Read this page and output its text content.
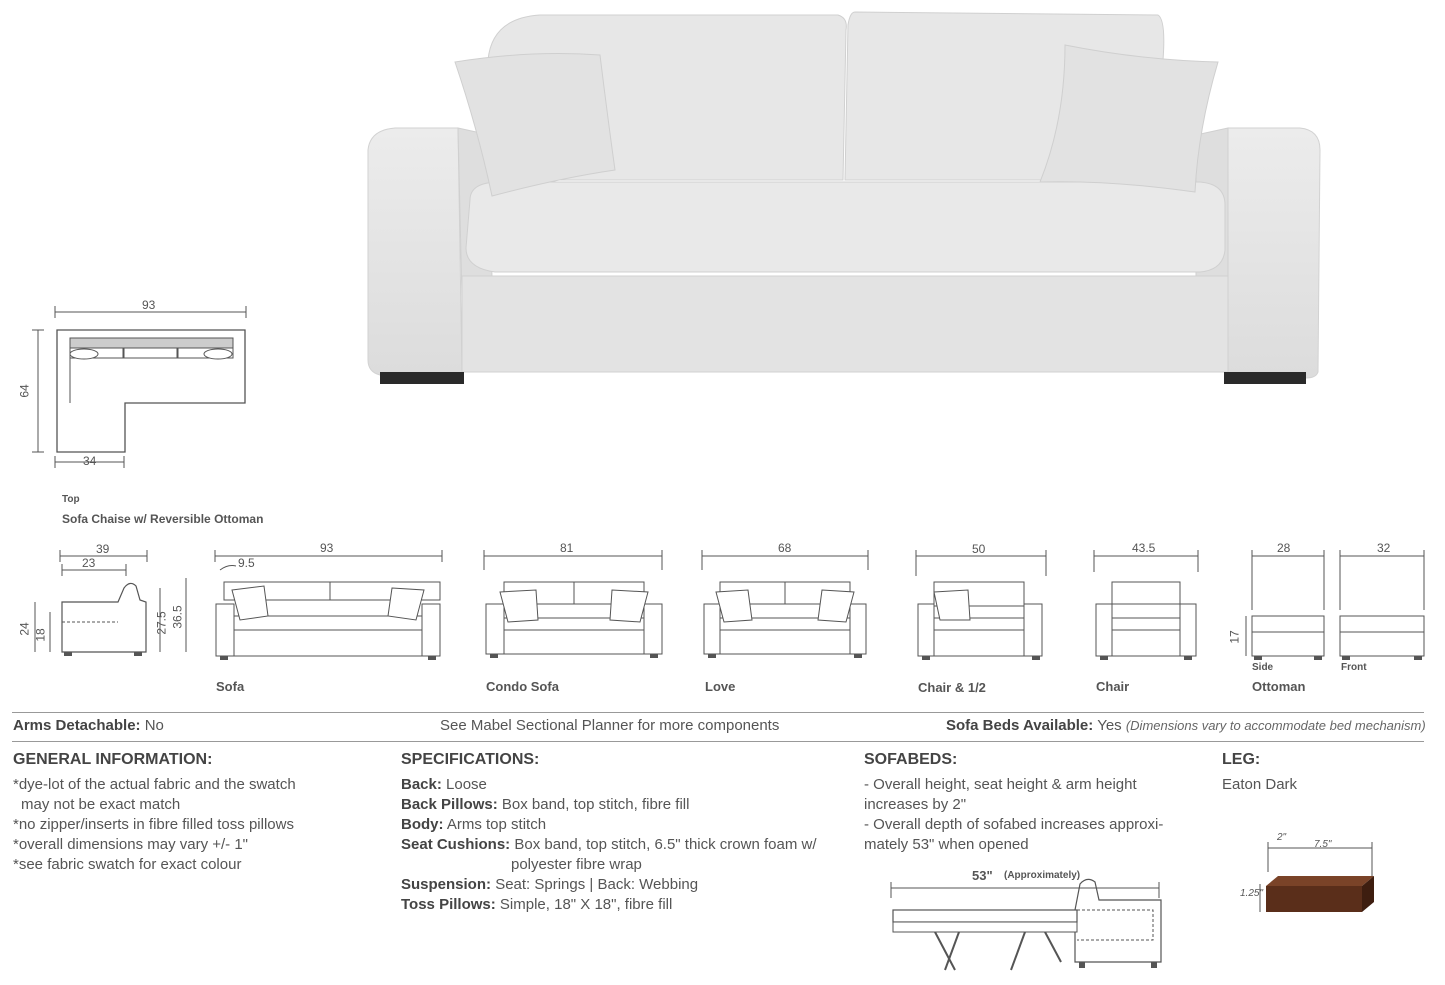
93
64
34
Top
Sofa Chaise w/ Reversible Ottoman
39
23
24 18
27.5 36.5
93
9.5
Sofa
81
Condo Sofa
68
Love
50
Chair & 1/2
43.5
Chair
28	32
17
Side	Front
Ottoman
Arms Detachable: No	See Mabel Sectional Planner for more components	Sofa Beds Available: Yes (Dimensions vary to accommodate bed mechanism)
GENERAL INFORMATION:

*dye-lot of the actual fabric and the swatch

may not be exact match

*no zipper/inserts in fibre filled toss pillows

*overall dimensions may vary +/- 1"

*see fabric swatch for exact colour

SPECIFICATIONS:

Back: Loose

Back Pillows: Box band, top stitch, fibre fill

Body: Arms top stitch

Seat Cushions: Box band, top stitch, 6.5" thick crown foam w/

polyester fibre wrap

Suspension: Seat: Springs | Back: Webbing

Toss Pillows: Simple, 18" X 18", fibre fill

SOFABEDS:

- Overall height, seat height & arm height

increases by 2"

- Overall depth of sofabed increases approxi-

mately 53" when opened

53" (Approximately)
LEG:

Eaton Dark

2"
7.5"
1.25"
